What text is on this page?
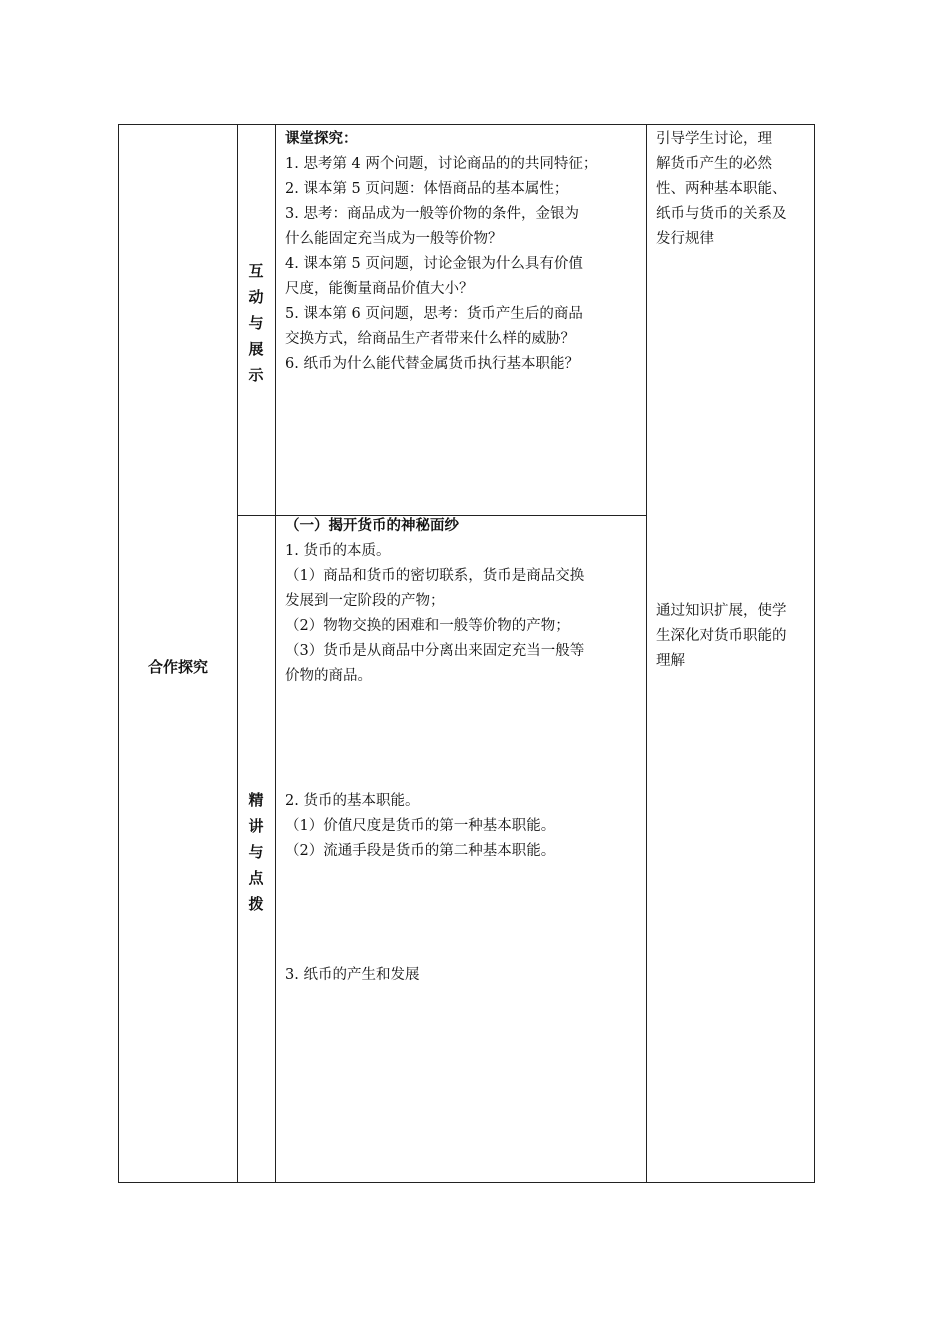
合作探究
互
动
与
展
示
课堂探究：
1. 思考第 4 两个问题，讨论商品的的共同特征；
2. 课本第 5 页问题：体悟商品的基本属性；
3. 思考：商品成为一般等价物的条件，金银为
什么能固定充当成为一般等价物？
4. 课本第 5 页问题，讨论金银为什么具有价值
尺度，能衡量商品价值大小？
5. 课本第 6 页问题，思考：货币产生后的商品
交换方式，给商品生产者带来什么样的威胁？
6. 纸币为什么能代替金属货币执行基本职能？
引导学生讨论，理
解货币产生的必然
性、两种基本职能、
纸币与货币的关系及
发行规律
精
讲
与
点
拨
（一）揭开货币的神秘面纱
1. 货币的本质。
（1）商品和货币的密切联系，货币是商品交换
发展到一定阶段的产物；
（2）物物交换的困难和一般等价物的产物；
（3）货币是从商品中分离出来固定充当一般等
价物的商品。
2. 货币的基本职能。
（1）价值尺度是货币的第一种基本职能。
（2）流通手段是货币的第二种基本职能。
3. 纸币的产生和发展
通过知识扩展，使学
生深化对货币职能的
理解
